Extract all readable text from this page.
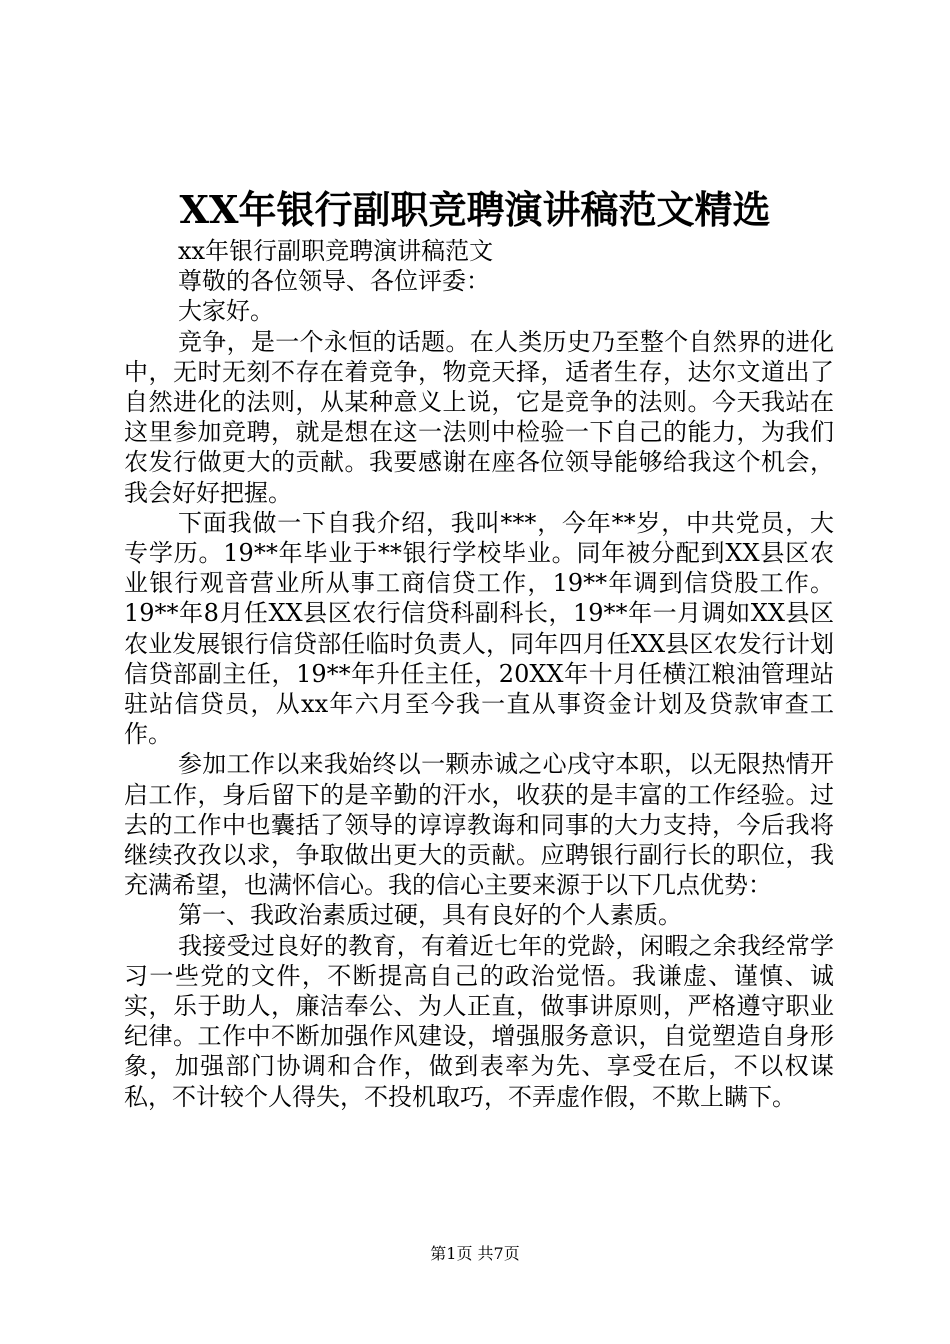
XX年银行副职竞聘演讲稿范文精选

xx年银行副职竞聘演讲稿范文

尊敬的各位领导、各位评委：

大家好。

竞争，是一个永恒的话题。在人类历史乃至整个自然界的进化中，无时无刻不存在着竞争，物竞天择，适者生存，达尔文道出了自然进化的法则，从某种意义上说，它是竞争的法则。今天我站在这里参加竞聘，就是想在这一法则中检验一下自己的能力，为我们农发行做更大的贡献。我要感谢在座各位领导能够给我这个机会，我会好好把握。

下面我做一下自我介绍，我叫***，今年**岁，中共党员，大专学历。19**年毕业于**银行学校毕业。同年被分配到XX县区农业银行观音营业所从事工商信贷工作，19**年调到信贷股工作。19**年8月任XX县区农行信贷科副科长，19**年一月调如XX县区农业发展银行信贷部任临时负责人，同年四月任XX县区农发行计划信贷部副主任，19**年升任主任，20XX年十月任横江粮油管理站驻站信贷员，从xx年六月至今我一直从事资金计划及贷款审查工作。

参加工作以来我始终以一颗赤诚之心戌守本职，以无限热情开启工作，身后留下的是辛勤的汗水，收获的是丰富的工作经验。过去的工作中也囊括了领导的谆谆教诲和同事的大力支持，今后我将继续孜孜以求，争取做出更大的贡献。应聘银行副行长的职位，我充满希望，也满怀信心。我的信心主要来源于以下几点优势：

第一、我政治素质过硬，具有良好的个人素质。

我接受过良好的教育，有着近七年的党龄，闲暇之余我经常学习一些党的文件，不断提高自己的政治觉悟。我谦虚、谨慎、诚实，乐于助人，廉洁奉公、为人正直，做事讲原则，严格遵守职业纪律。工作中不断加强作风建设，增强服务意识，自觉塑造自身形象，加强部门协调和合作，做到表率为先、享受在后，不以权谋私，不计较个人得失，不投机取巧，不弄虚作假，不欺上瞒下。

第1页 共7页
